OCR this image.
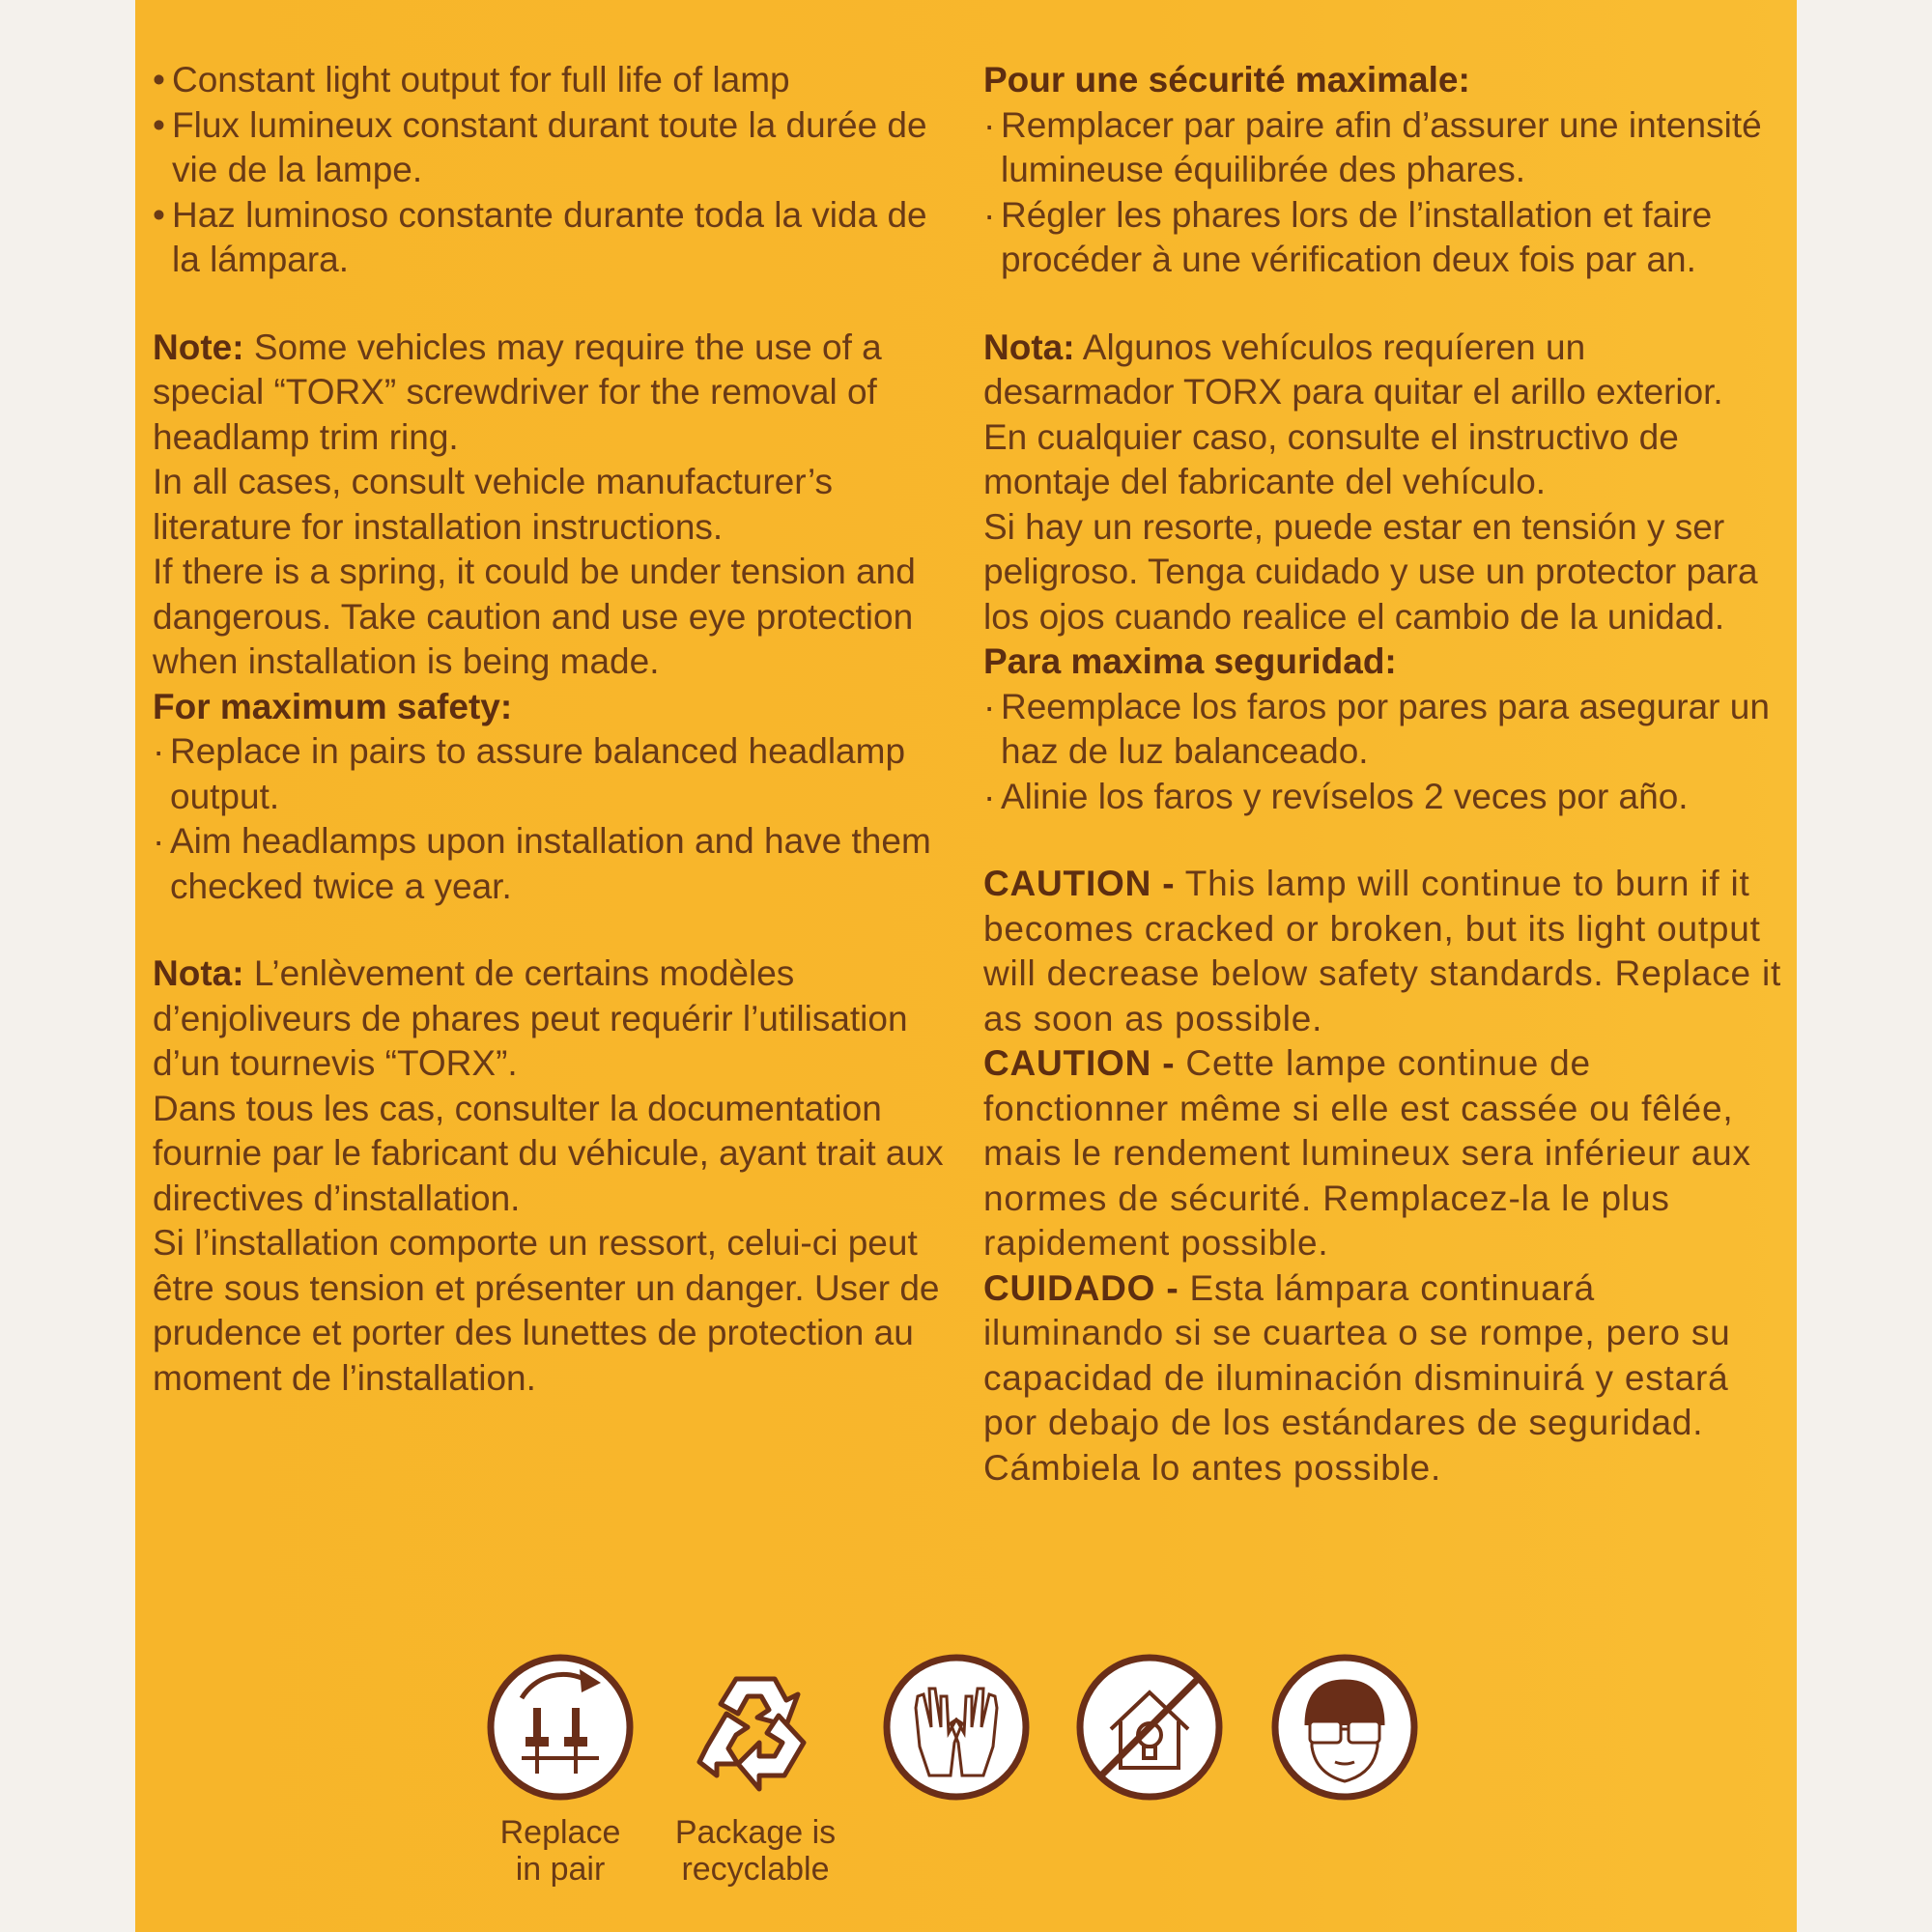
• Constant light output for full life of lamp
• Flux lumineux constant durant toute la durée de vie de la lampe.
• Haz luminoso constante durante toda la vida de la lámpara.

Note: Some vehicles may require the use of a special “TORX” screwdriver for the removal of headlamp trim ring.

In all cases, consult vehicle manufacturer’s literature for installation instructions.

If there is a spring, it could be under tension and dangerous. Take caution and use eye protection when installation is being made.

For maximum safety:

· Replace in pairs to assure balanced headlamp output.
· Aim headlamps upon installation and have them checked twice a year.

Nota: L’enlèvement de certains modèles d’enjoliveurs de phares peut requérir l’utilisation d’un tournevis “TORX”.

Dans tous les cas, consulter la documentation fournie par le fabricant du véhicule, ayant trait aux directives d’installation.

Si l’installation comporte un ressort, celui-ci peut être sous tension et présenter un danger. User de prudence et porter des lunettes de protection au moment de l’installation.

Pour une sécurité maximale:

· Remplacer par paire afin d’assurer une intensité lumineuse équilibrée des phares.
· Régler les phares lors de l’installation et faire procéder à une vérification deux fois par an.

Nota: Algunos vehículos requíeren un desarmador TORX para quitar el arillo exterior.

En cualquier caso, consulte el instructivo de montaje del fabricante del vehículo.

Si hay un resorte, puede estar en tensión y ser peligroso. Tenga cuidado y use un protector para los ojos cuando realice el cambio de la unidad.

Para maxima seguridad:

· Reemplace los faros por pares para asegurar un haz de luz balanceado.
· Alinie los faros y revíselos 2 veces por año.

CAUTION - This lamp will continue to burn if it becomes cracked or broken, but its light output will decrease below safety standards. Replace it as soon as possible.

CAUTION - Cette lampe continue de fonctionner même si elle est cassée ou fêlée, mais le rendement lumineux sera inférieur aux normes de sécurité. Remplacez-la le plus rapidement possible.

CUIDADO - Esta lámpara continuará iluminando si se cuartea o se rompe, pero su capacidad de iluminación disminuirá y estará por debajo de los estándares de seguridad. Cámbiela lo antes possible.

Replace
in pair
Package is
recyclable
